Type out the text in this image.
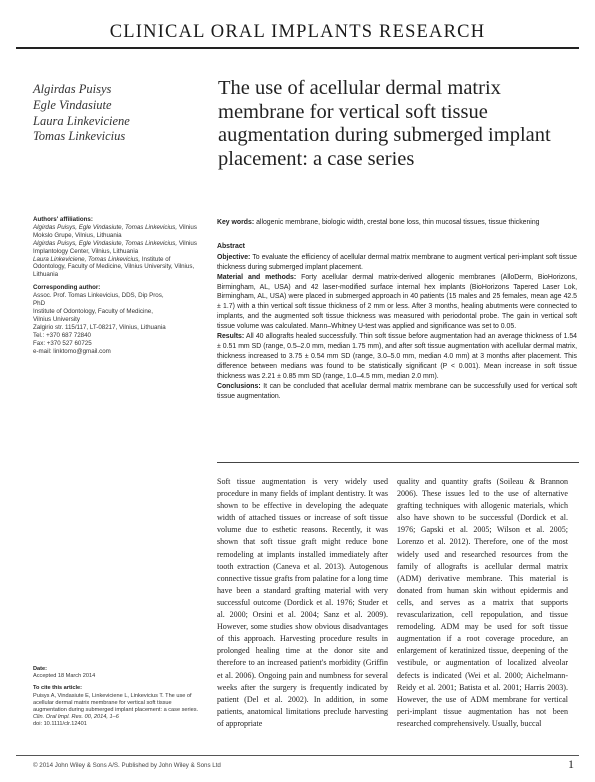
CLINICAL ORAL IMPLANTS RESEARCH
Algirdas Puisys
Egle Vindasiute
Laura Linkeviciene
Tomas Linkevicius
The use of acellular dermal matrix membrane for vertical soft tissue augmentation during submerged implant placement: a case series
Authors' affiliations:
Algirdas Puisys, Egle Vindasiute, Tomas Linkevicius, Vilnius Mokslo Grupe, Vilnius, Lithuania
Algirdas Puisys, Egle Vindasiute, Tomas Linkevicius, Vilnius Implantology Center, Vilnius, Lithuania
Laura Linkeviciene, Tomas Linkevicius, Institute of Odontology, Faculty of Medicine, Vilnius University, Vilnius, Lithuania
Corresponding author:
Assoc. Prof. Tomas Linkevicius, DDS, Dip Pros,
PhD
Institute of Odontology, Faculty of Medicine,
Vilnius University
Zalgirio str. 115/117, LT-08217, Vilnius, Lithuania
Tel.: +370 687 72840
Fax: +370 527 60725
e-mail: linktomo@gmail.com
Date:
Accepted 18 March 2014
To cite this article:
Puisys A, Vindasiute E, Linkeviciene L, Linkevicius T. The use of acellular dermal matrix membrane for vertical soft tissue augmentation during submerged implant placement: a case series.
Clin. Oral Impl. Res. 00, 2014, 1–6
doi: 10.1111/clr.12401

Key words: allogenic membrane, biologic width, crestal bone loss, thin mucosal tissues, tissue thickening

Abstract

Objective: To evaluate the efficiency of acellular dermal matrix membrane to augment vertical peri-implant soft tissue thickness during submerged implant placement.

Material and methods: Forty acellular dermal matrix-derived allogenic membranes (AlloDerm, BioHorizons, Birmingham, AL, USA) and 42 laser-modified surface internal hex implants (BioHorizons Tapered Laser Lok, Birmingham, AL, USA) were placed in submerged approach in 40 patients (15 males and 25 females, mean age 42.5 ± 1.7) with a thin vertical soft tissue thickness of 2 mm or less. After 3 months, healing abutments were connected to implants, and the augmented soft tissue thickness was measured with periodontal probe. The gain in vertical soft tissue volume was calculated. Mann–Whitney U-test was applied and significance was set to 0.05.

Results: All 40 allografts healed successfully. Thin soft tissue before augmentation had an average thickness of 1.54 ± 0.51 mm SD (range, 0.5–2.0 mm, median 1.75 mm), and after soft tissue augmentation with acellular dermal matrix, thickness increased to 3.75 ± 0.54 mm SD (range, 3.0–5.0 mm, median 4.0 mm) at 3 months after placement. This difference between medians was found to be statistically significant (P < 0.001). Mean increase in soft tissue thickness was 2.21 ± 0.85 mm SD (range, 1.0–4.5 mm, median 2.0 mm).

Conclusions: It can be concluded that acellular dermal matrix membrane can be successfully used for vertical soft tissue augmentation.

Soft tissue augmentation is very widely used procedure in many fields of implant dentistry. It was shown to be effective in developing the adequate width of attached tissues or increase of soft tissue volume due to esthetic reasons. Recently, it was shown that soft tissue graft might reduce bone remodeling at implants installed immediately after tooth extraction (Caneva et al. 2013). Autogenous connective tissue grafts from palatine for a long time have been a standard grafting material with very successful outcome (Dordick et al. 1976; Studer et al. 2000; Orsini et al. 2004; Sanz et al. 2009). However, some studies show obvious disadvantages of this approach. Harvesting procedure results in prolonged healing time at the donor site and therefore to an increased patient's morbidity (Griffin et al. 2006). Ongoing pain and numbness for several weeks after the surgery is frequently indicated by patient (Del et al. 2002). In addition, in some patients, anatomical limitations preclude harvesting of appropriate
quality and quantity grafts (Soileau & Brannon 2006). These issues led to the use of alternative grafting techniques with allogenic materials, which also have shown to be successful (Dordick et al. 1976; Gapski et al. 2005; Wilson et al. 2005; Lorenzo et al. 2012). Therefore, one of the most widely used and researched resources from the family of allografts is acellular dermal matrix (ADM) derivative membrane. This material is donated from human skin without epidermis and cells, and serves as a matrix that supports revascularization, cell repopulation, and tissue remodeling. ADM may be used for soft tissue augmentation if a root coverage procedure, an enlargement of keratinized tissue, deepening of the vestibule, or augmentation of localized alveolar defects is indicated (Wei et al. 2000; Aichelmann-Reidy et al. 2001; Batista et al. 2001; Harris 2003). However, the use of ADM membrane for vertical peri-implant tissue augmentation has not been researched comprehensively. Usually, buccal
© 2014 John Wiley & Sons A/S. Published by John Wiley & Sons Ltd	1
